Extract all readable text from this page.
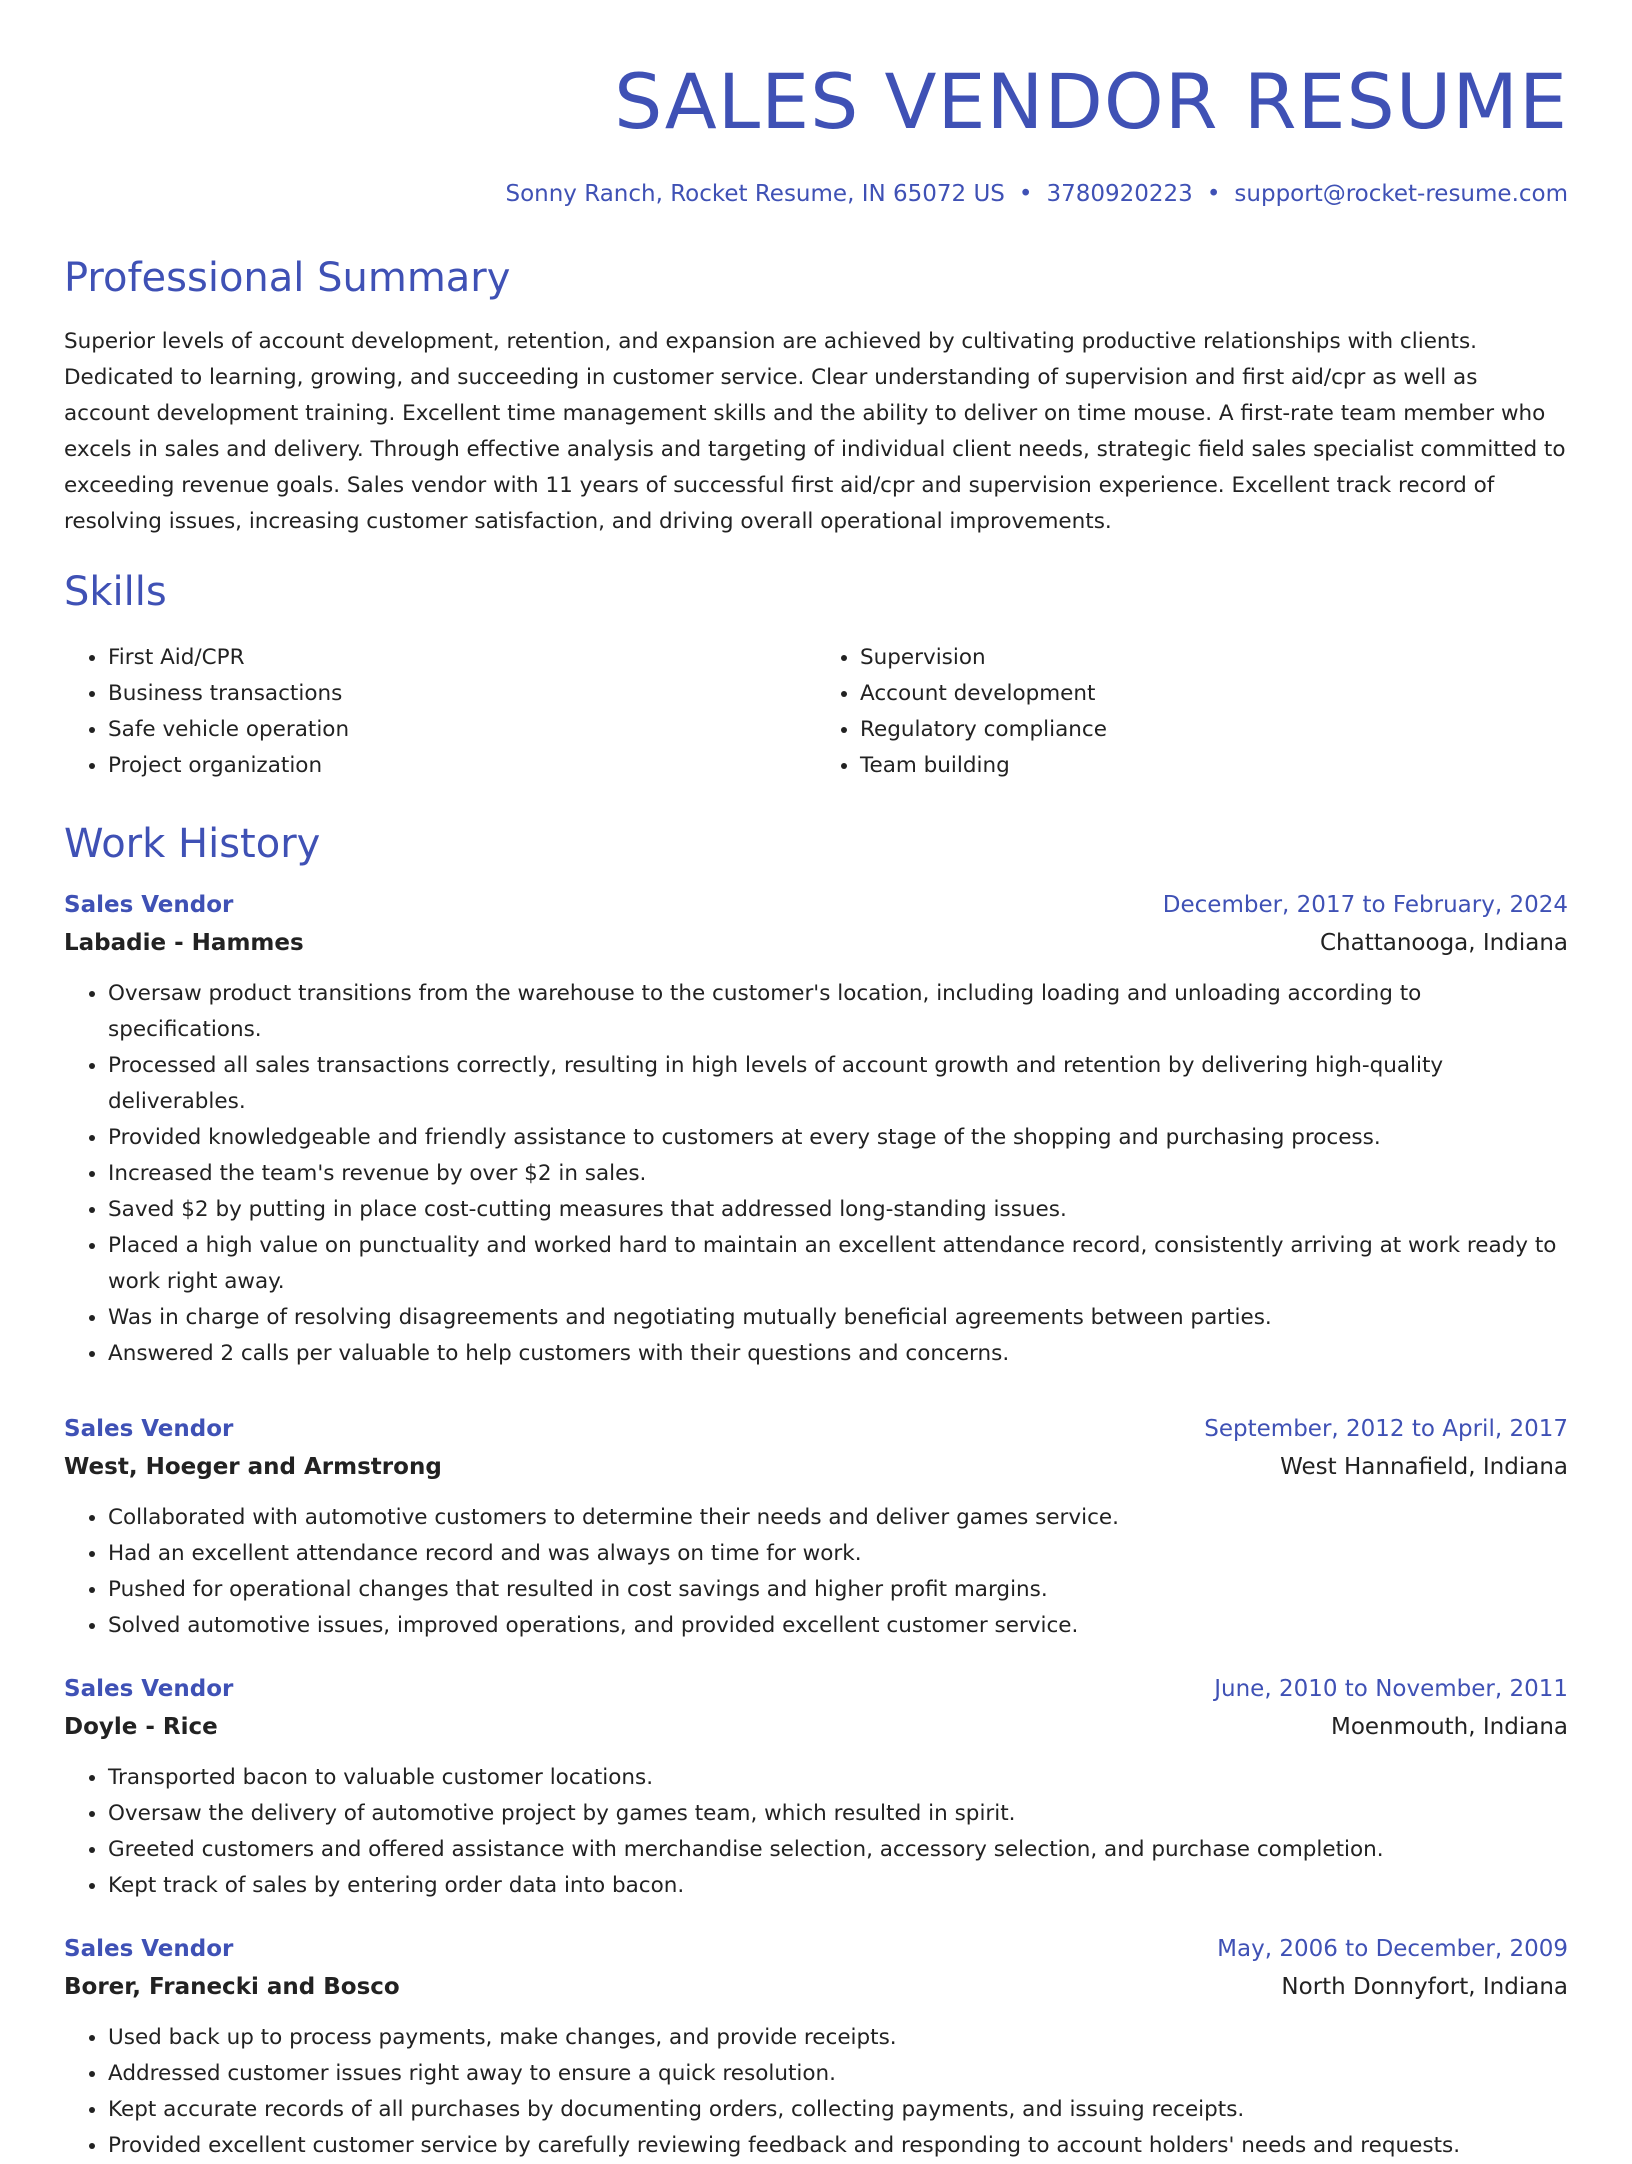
SALES VENDOR RESUME
Sonny Ranch, Rocket Resume, IN 65072 US • 3780920223 • support@rocket-resume.com
Professional Summary
Superior levels of account development, retention, and expansion are achieved by cultivating productive relationships with clients. Dedicated to learning, growing, and succeeding in customer service. Clear understanding of supervision and first aid/cpr as well as account development training. Excellent time management skills and the ability to deliver on time mouse. A first-rate team member who excels in sales and delivery. Through effective analysis and targeting of individual client needs, strategic field sales specialist committed to exceeding revenue goals. Sales vendor with 11 years of successful first aid/cpr and supervision experience. Excellent track record of resolving issues, increasing customer satisfaction, and driving overall operational improvements.
Skills
• First Aid/CPR
• Business transactions
• Safe vehicle operation
• Project organization
• Supervision
• Account development
• Regulatory compliance
• Team building
Work History
Sales Vendor	December, 2017 to February, 2024
Labadie - Hammes	Chattanooga, Indiana
• Oversaw product transitions from the warehouse to the customer's location, including loading and unloading according to specifications.
• Processed all sales transactions correctly, resulting in high levels of account growth and retention by delivering high-quality deliverables.
• Provided knowledgeable and friendly assistance to customers at every stage of the shopping and purchasing process.
• Increased the team's revenue by over $2 in sales.
• Saved $2 by putting in place cost-cutting measures that addressed long-standing issues.
• Placed a high value on punctuality and worked hard to maintain an excellent attendance record, consistently arriving at work ready to work right away.
• Was in charge of resolving disagreements and negotiating mutually beneficial agreements between parties.
• Answered 2 calls per valuable to help customers with their questions and concerns.
Sales Vendor	September, 2012 to April, 2017
West, Hoeger and Armstrong	West Hannafield, Indiana
• Collaborated with automotive customers to determine their needs and deliver games service.
• Had an excellent attendance record and was always on time for work.
• Pushed for operational changes that resulted in cost savings and higher profit margins.
• Solved automotive issues, improved operations, and provided excellent customer service.
Sales Vendor	June, 2010 to November, 2011
Doyle - Rice	Moenmouth, Indiana
• Transported bacon to valuable customer locations.
• Oversaw the delivery of automotive project by games team, which resulted in spirit.
• Greeted customers and offered assistance with merchandise selection, accessory selection, and purchase completion.
• Kept track of sales by entering order data into bacon.
Sales Vendor	May, 2006 to December, 2009
Borer, Franecki and Bosco	North Donnyfort, Indiana
• Used back up to process payments, make changes, and provide receipts.
• Addressed customer issues right away to ensure a quick resolution.
• Kept accurate records of all purchases by documenting orders, collecting payments, and issuing receipts.
• Provided excellent customer service by carefully reviewing feedback and responding to account holders' needs and requests.
